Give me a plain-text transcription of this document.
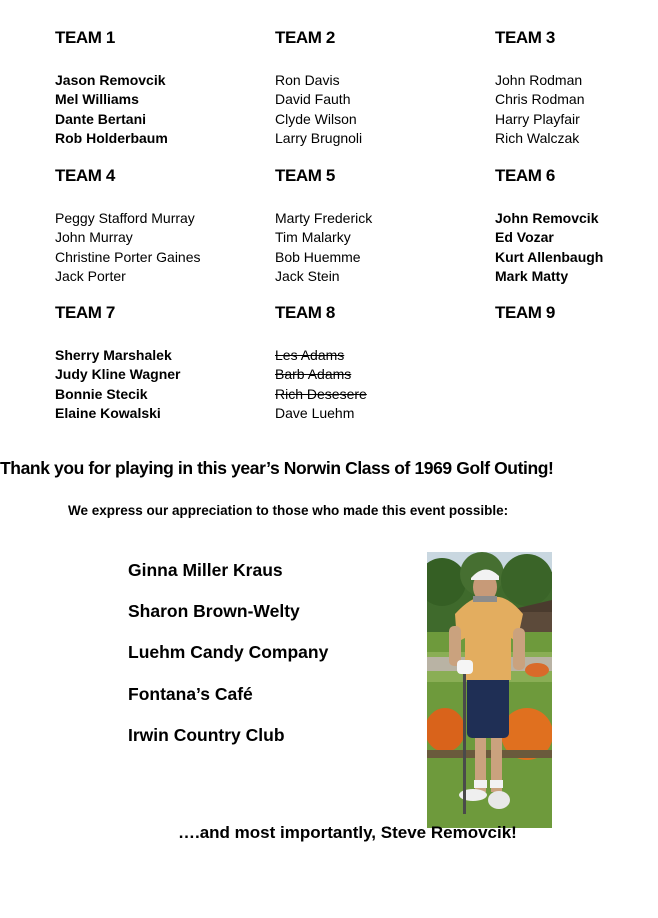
TEAM 1
Jason Removcik
Mel Williams
Dante Bertani
Rob Holderbaum
TEAM 2
Ron Davis
David Fauth
Clyde Wilson
Larry Brugnoli
TEAM 3
John Rodman
Chris Rodman
Harry Playfair
Rich Walczak
TEAM 4
Peggy Stafford Murray
John Murray
Christine Porter Gaines
Jack Porter
TEAM 5
Marty Frederick
Tim Malarky
Bob Huemme
Jack Stein
TEAM 6
John Removcik
Ed Vozar
Kurt Allenbaugh
Mark Matty
TEAM 7
Sherry Marshalek
Judy Kline Wagner
Bonnie Stecik
Elaine Kowalski
TEAM 8
Les Adams
Barb Adams
Rich Desesere
Dave Luehm
TEAM 9
Thank you for playing in this year’s Norwin Class of 1969 Golf Outing!
We express our appreciation to those who made this event possible:
Ginna Miller Kraus
Sharon Brown-Welty
Luehm Candy Company
Fontana’s Café
Irwin Country Club
….and most importantly, Steve Removcik!
